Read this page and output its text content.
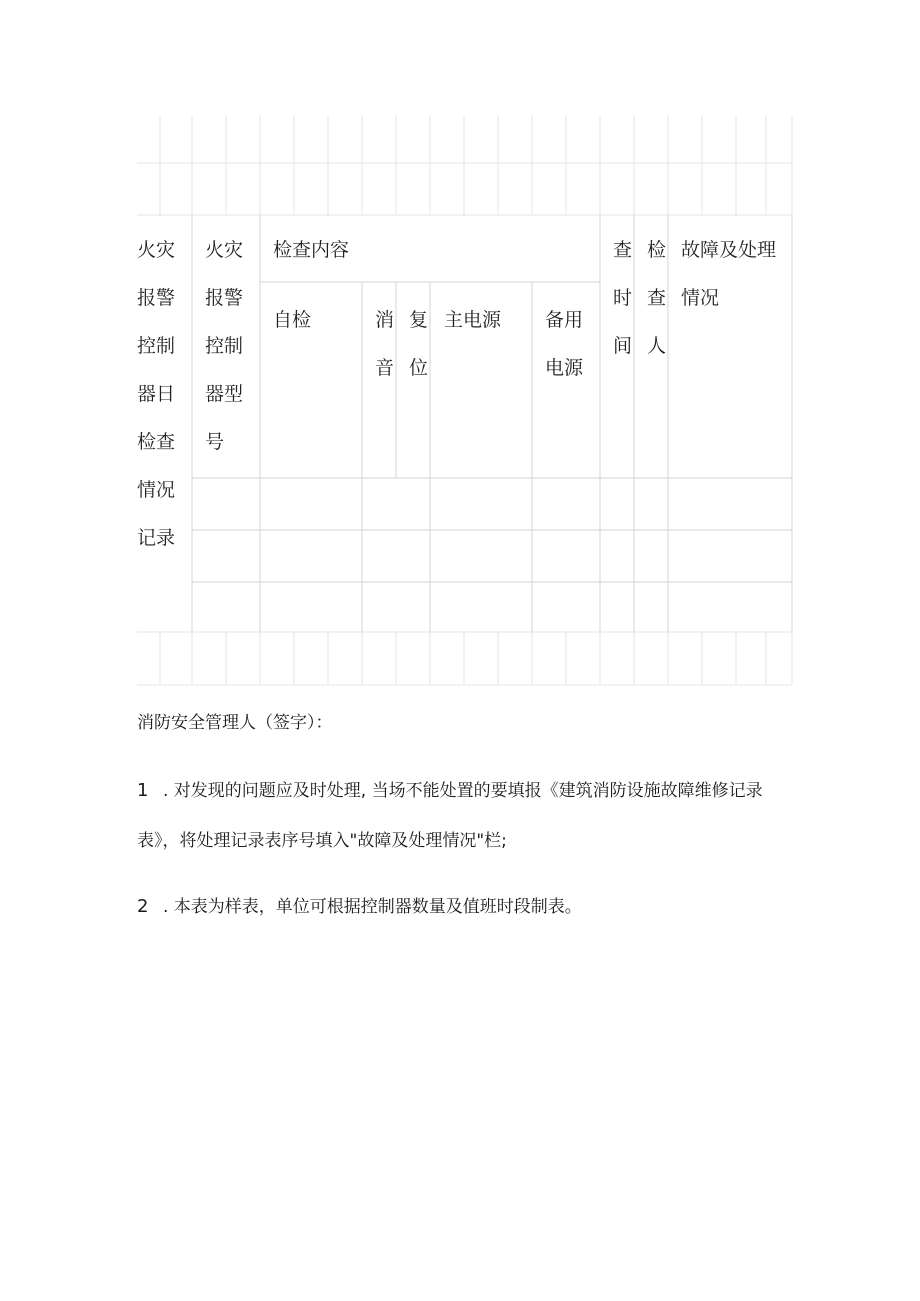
火灾报警控制器日检查情况记录
火灾报警控制器型号
检查内容
自检	消音
复位
主电源 备用电源
查时间
检查人
故障及处理情况
消防安全管理人（签字）：
1 . 对发现的问题应及时处理, 当场不能处置的要填报《建筑消防设施故障维修记录
表》，将处理记录表序号填入"故障及处理情况"栏;
2 . 本表为样表，单位可根据控制器数量及值班时段制表。
